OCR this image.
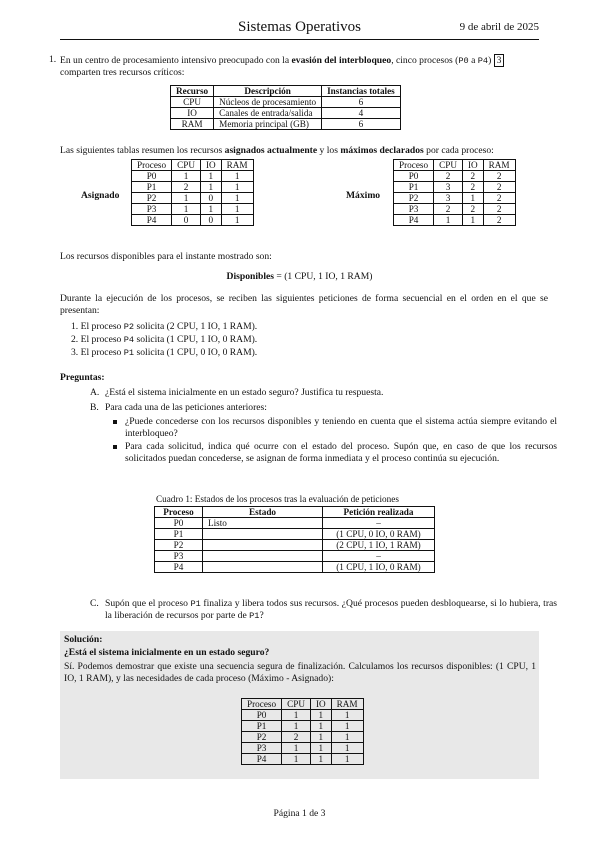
Sistemas Operativos	9 de abril de 2025
1. En un centro de procesamiento intensivo preocupado con la evasión del interbloqueo, cinco procesos (P0 a P4) 3
comparten tres recursos críticos:
Recurso	Descripción	Instancias totales
CPU	Núcleos de procesamiento	6
IO	Canales de entrada/salida	4
RAM	Memoria principal (GB)	6
Las siguientes tablas resumen los recursos asignados actualmente y los máximos declarados por cada proceso:
Asignado
Proceso	CPU	IO	RAM
P0	1	1	1
P1	2	1	1
P2	1	0	1
P3	1	1	1
P4	0	0	1
Máximo
Proceso	CPU	IO	RAM
P0	2	2	2
P1	3	2	2
P2	3	1	2
P3	2	2	2
P4	1	1	2
Los recursos disponibles para el instante mostrado son:
Disponibles = (1 CPU, 1 IO, 1 RAM)
Durante la ejecución de los procesos, se reciben las siguientes peticiones de forma secuencial en el orden en el que se presentan:
1. El proceso P2 solicita (2 CPU, 1 IO, 1 RAM).
2. El proceso P4 solicita (1 CPU, 1 IO, 0 RAM).
3. El proceso P1 solicita (1 CPU, 0 IO, 0 RAM).
Preguntas:
A. ¿Está el sistema inicialmente en un estado seguro? Justifica tu respuesta.
B. Para cada una de las peticiones anteriores:
¿Puede concederse con los recursos disponibles y teniendo en cuenta que el sistema actúa siempre evitando el interbloqueo?
Para cada solicitud, indica qué ocurre con el estado del proceso. Supón que, en caso de que los recursos solicitados puedan concederse, se asignan de forma inmediata y el proceso continúa su ejecución.
Cuadro 1: Estados de los procesos tras la evaluación de peticiones
Proceso	Estado	Petición realizada
P0	Listo	–
P1		(1 CPU, 0 IO, 0 RAM)
P2		(2 CPU, 1 IO, 1 RAM)
P3		–
P4		(1 CPU, 1 IO, 0 RAM)
C. Supón que el proceso P1 finaliza y libera todos sus recursos. ¿Qué procesos pueden desbloquearse, si lo hubiera, tras la liberación de recursos por parte de P1?
Solución:
¿Está el sistema inicialmente en un estado seguro?
Sí. Podemos demostrar que existe una secuencia segura de finalización. Calculamos los recursos disponibles: (1 CPU, 1 IO, 1 RAM), y las necesidades de cada proceso (Máximo - Asignado):
Proceso	CPU	IO	RAM
P0	1	1	1
P1	1	1	1
P2	2	1	1
P3	1	1	1
P4	1	1	1
Página 1 de 3
